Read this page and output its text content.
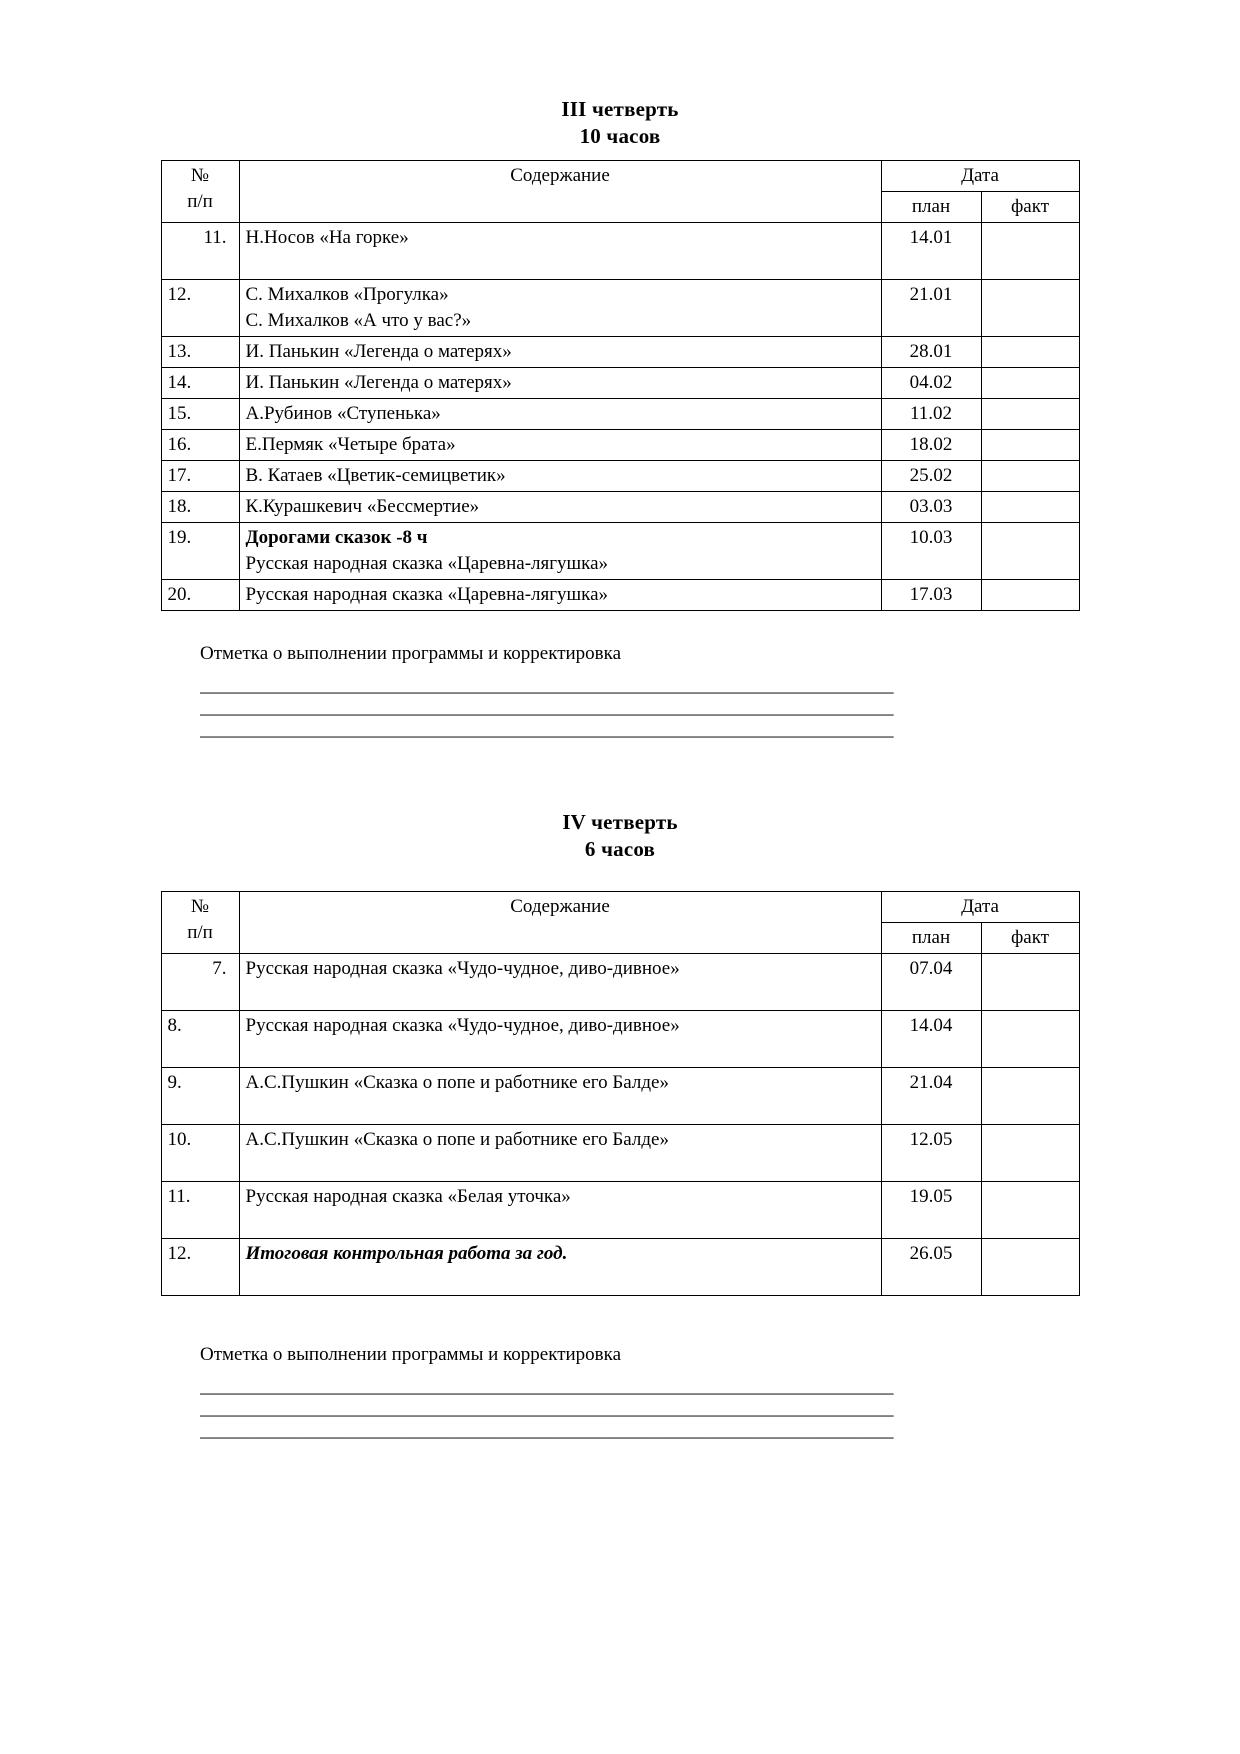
III четверть
10 часов
№
п/п	Содержание	Дата	
		план	факт
11.	Н.Носов «На горке»	14.01	
12.	С. Михалков «Прогулка»
С. Михалков «А что у вас?»	21.01	
13.	И. Панькин «Легенда о матерях»	28.01	
14.	И. Панькин «Легенда о матерях»	04.02	
15.	А.Рубинов «Ступенька»	11.02	
16.	Е.Пермяк «Четыре брата»	18.02	
17.	В. Катаев «Цветик-семицветик»	25.02	
18.	К.Курашкевич «Бессмертие»	03.03	
19.	Дорогами сказок -8 ч
Русская народная сказка «Царевна-лягушка»	10.03	
20.	Русская народная сказка «Царевна-лягушка»	17.03	
Отметка о выполнении программы и корректировка
_________________________________________________________________________
_________________________________________________________________________
_________________________________________________________________________
IV четверть
6 часов
№
п/п	Содержание	Дата	
		план	факт
7.	Русская народная сказка «Чудо-чудное, диво-дивное»	07.04	
8.	Русская народная сказка «Чудо-чудное, диво-дивное»	14.04	
9.	А.С.Пушкин «Сказка о попе и работнике его Балде»	21.04	
10.	А.С.Пушкин «Сказка о попе и работнике его Балде»	12.05	
11.	Русская народная сказка «Белая уточка»	19.05	
12.	Итоговая контрольная работа за год.	26.05	
Отметка о выполнении программы и корректировка
_________________________________________________________________________
_________________________________________________________________________
_________________________________________________________________________
